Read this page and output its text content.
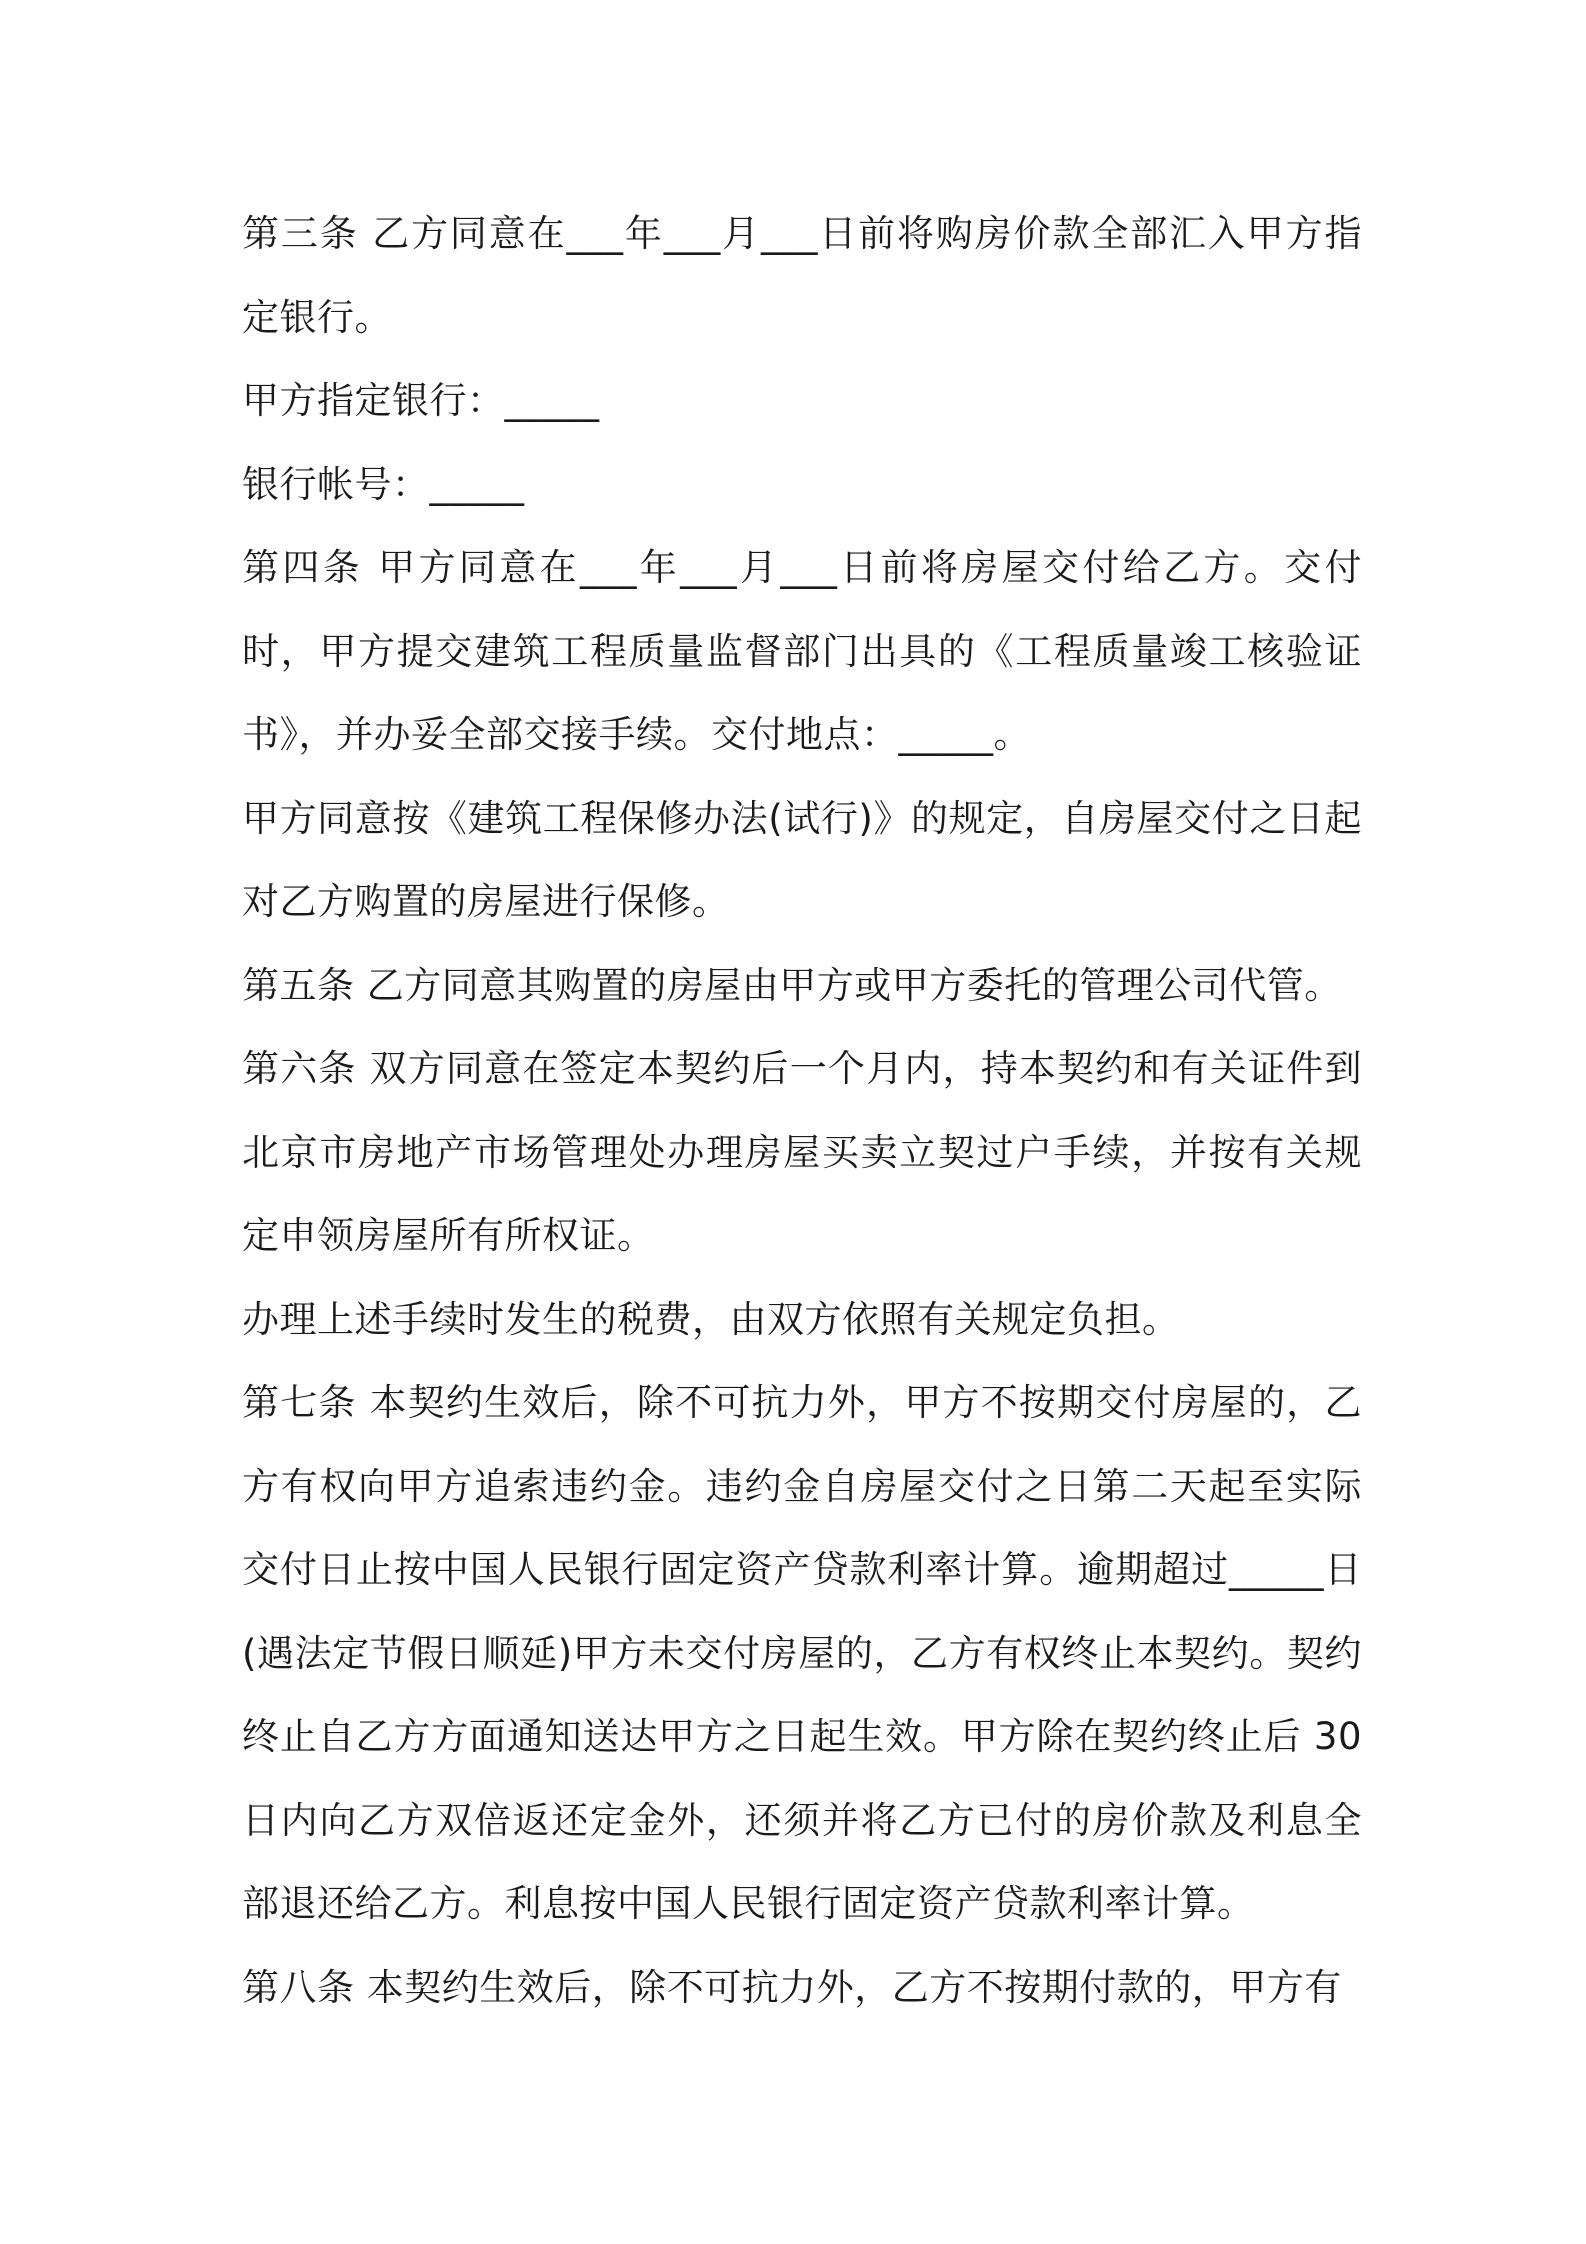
第三条 乙方同意在___年___月___日前将购房价款全部汇入甲方指定银行。

甲方指定银行：_____

银行帐号：_____

第四条 甲方同意在___年___月___日前将房屋交付给乙方。交付时，甲方提交建筑工程质量监督部门出具的《工程质量竣工核验证书》，并办妥全部交接手续。交付地点：_____。

甲方同意按《建筑工程保修办法(试行)》的规定，自房屋交付之日起对乙方购置的房屋进行保修。

第五条 乙方同意其购置的房屋由甲方或甲方委托的管理公司代管。

第六条 双方同意在签定本契约后一个月内，持本契约和有关证件到北京市房地产市场管理处办理房屋买卖立契过户手续，并按有关规定申领房屋所有所权证。

办理上述手续时发生的税费，由双方依照有关规定负担。

第七条 本契约生效后，除不可抗力外，甲方不按期交付房屋的，乙方有权向甲方追索违约金。违约金自房屋交付之日第二天起至实际交付日止按中国人民银行固定资产贷款利率计算。逾期超过_____日(遇法定节假日顺延)甲方未交付房屋的，乙方有权终止本契约。契约终止自乙方方面通知送达甲方之日起生效。甲方除在契约终止后 30 日内向乙方双倍返还定金外，还须并将乙方已付的房价款及利息全部退还给乙方。利息按中国人民银行固定资产贷款利率计算。

第八条 本契约生效后，除不可抗力外，乙方不按期付款的，甲方有
